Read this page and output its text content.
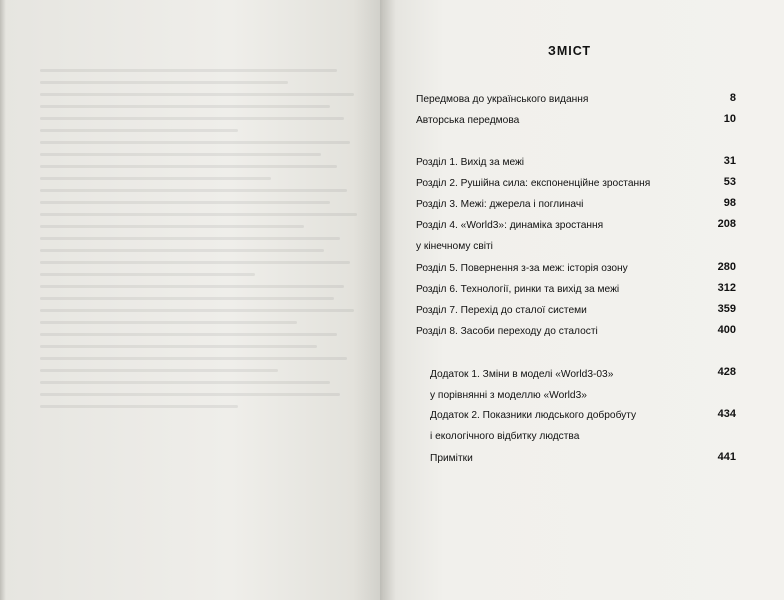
ЗМІСТ
Передмова до українського видання	8
Авторська передмова	10
Розділ 1. Вихід за межі	31
Розділ 2. Рушійна сила: експоненційне зростання	53
Розділ 3. Межі: джерела і поглиначі	98
Розділ 4. «World3»: динаміка зростання	208
у кінечному світі
Розділ 5. Повернення з-за меж: історія озону	280
Розділ 6. Технології, ринки та вихід за межі	312
Розділ 7. Перехід до сталої системи	359
Розділ 8. Засоби переходу до сталості	400
Додаток 1. Зміни в моделі «World3-03»	428
у порівнянні з моделлю «World3»
Додаток 2. Показники людського добробуту	434
і екологічного відбитку людства
Примітки	441
